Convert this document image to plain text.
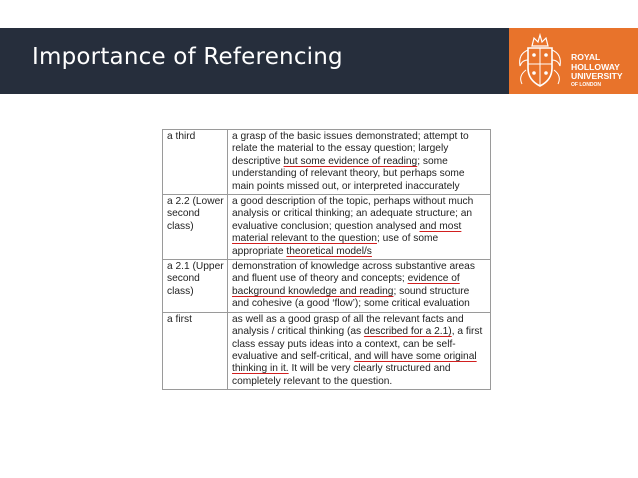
Importance of Referencing	ROYAL
HOLLOWAY
UNIVERSITY
OF LONDON
a third	a grasp of the basic issues demonstrated; attempt to relate the material to the essay question; largely descriptive but some evidence of reading; some understanding of relevant theory, but perhaps some main points missed out, or interpreted inaccurately
a 2.2 (Lower second class)	a good description of the topic, perhaps without much analysis or critical thinking; an adequate structure; an evaluative conclusion; question analysed and most material relevant to the question; use of some appropriate theoretical model/s
a 2.1 (Upper second class)	demonstration of knowledge across substantive areas and fluent use of theory and concepts; evidence of background knowledge and reading; sound structure and cohesive (a good ‘flow’); some critical evaluation
a first	as well as a good grasp of all the relevant facts and analysis / critical thinking (as described for a 2.1), a first class essay puts ideas into a context, can be self-evaluative and self-critical, and will have some original thinking in it. It will be very clearly structured and completely relevant to the question.
